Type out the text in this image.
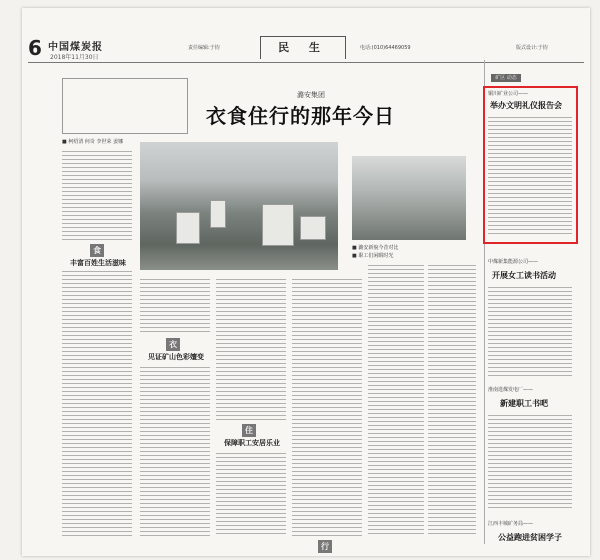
6 中国煤炭报
2018年11月30日
责任编辑:于钧	民 生	电话:(010)64469059	版式设计:于钧
潞安集团
衣食住行的那年今日
■ 柯绍清 何奇 李世荣 姜娜
食
丰富百姓生活滋味
■ 潞安新貌今昔对比
■ 职工们闲暇时光
衣
见证矿山色彩嬗变
住
保障职工安居乐业
行
矿区 动态
铜川矿业公司——
举办文明礼仪报告会
中煤新集能源公司——
开展女工读书活动
淮南选煤发电厂——
新建职工书吧
江西丰城矿务局——
公益跑进贫困学子
